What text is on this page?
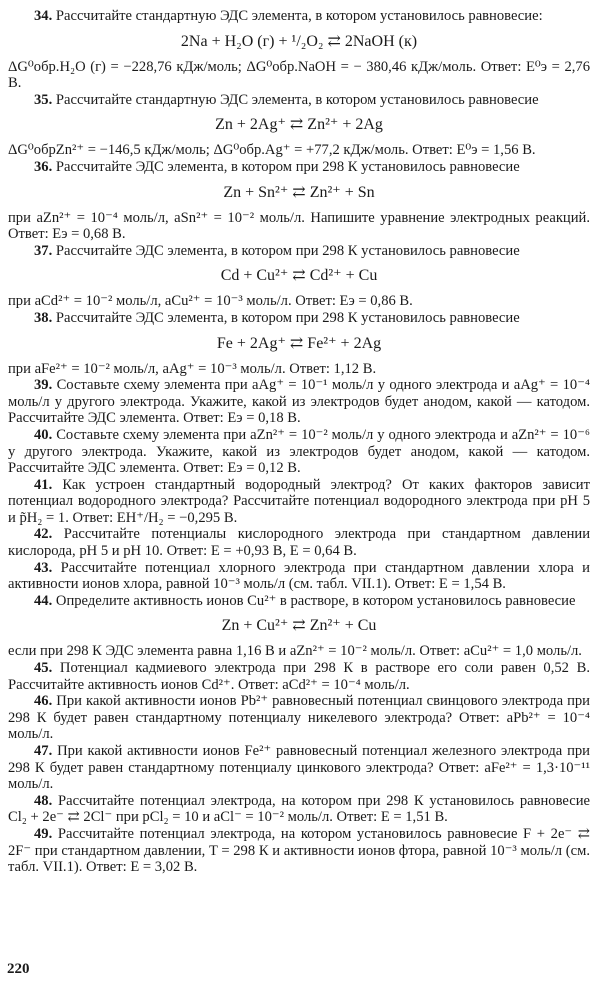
34. Рассчитайте стандартную ЭДС элемента, в котором установилось равновесие:
2Na + H₂O (г) + ¹/₂O₂ ⇄ 2NaOH (к)
ΔG⁰обр.H₂O (г) = −228,76 кДж/моль; ΔG⁰обр.NaOH = − 380,46 кДж/моль. Ответ: E⁰э = 2,76 В.
35. Рассчитайте стандартную ЭДС элемента, в котором установилось равновесие
Zn + 2Ag⁺ ⇄ Zn²⁺ + 2Ag
ΔG⁰обрZn²⁺ = −146,5 кДж/моль; ΔG⁰обр.Ag⁺ = +77,2 кДж/моль. Ответ: E⁰э = 1,56 В.
36. Рассчитайте ЭДС элемента, в котором при 298 К установилось равновесие
Zn + Sn²⁺ ⇄ Zn²⁺ + Sn
при aZn²⁺ = 10⁻⁴ моль/л, aSn²⁺ = 10⁻² моль/л. Напишите уравнение электродных реакций. Ответ: Eэ = 0,68 В.
37. Рассчитайте ЭДС элемента, в котором при 298 К установилось равновесие
Cd + Cu²⁺ ⇄ Cd²⁺ + Cu
при aCd²⁺ = 10⁻² моль/л, aCu²⁺ = 10⁻³ моль/л. Ответ: Eэ = 0,86 В.
38. Рассчитайте ЭДС элемента, в котором при 298 К установилось равновесие
Fe + 2Ag⁺ ⇄ Fe²⁺ + 2Ag
при aFe²⁺ = 10⁻² моль/л, aAg⁺ = 10⁻³ моль/л. Ответ: 1,12 В.
39. Составьте схему элемента при aAg⁺ = 10⁻¹ моль/л у одного электрода и aAg⁺ = 10⁻⁴ моль/л у другого электрода. Укажите, какой из электродов будет анодом, какой — катодом. Рассчитайте ЭДС элемента. Ответ: Eэ = 0,18 В.
40. Составьте схему элемента при aZn²⁺ = 10⁻² моль/л у одного электрода и aZn²⁺ = 10⁻⁶ у другого электрода. Укажите, какой из электродов будет анодом, какой — катодом. Рассчитайте ЭДС элемента. Ответ: Eэ = 0,12 В.
41. Как устроен стандартный водородный электрод? От каких факторов зависит потенциал водородного электрода? Рассчитайте потенциал водородного электрода при pH 5 и p̃H₂ = 1. Ответ: EH⁺/H₂ = −0,295 В.
42. Рассчитайте потенциалы кислородного электрода при стандартном давлении кислорода, pH 5 и pH 10. Ответ: E = +0,93 В, E = 0,64 В.
43. Рассчитайте потенциал хлорного электрода при стандартном давлении хлора и активности ионов хлора, равной 10⁻³ моль/л (см. табл. VII.1). Ответ: E = 1,54 В.
44. Определите активность ионов Cu²⁺ в растворе, в котором установилось равновесие
Zn + Cu²⁺ ⇄ Zn²⁺ + Cu
если при 298 К ЭДС элемента равна 1,16 В и aZn²⁺ = 10⁻² моль/л. Ответ: aCu²⁺ = 1,0 моль/л.
45. Потенциал кадмиевого электрода при 298 К в растворе его соли равен 0,52 В. Рассчитайте активность ионов Cd²⁺. Ответ: aCd²⁺ = 10⁻⁴ моль/л.
46. При какой активности ионов Pb²⁺ равновесный потенциал свинцового электрода при 298 К будет равен стандартному потенциалу никелевого электрода? Ответ: aPb²⁺ = 10⁻⁴ моль/л.
47. При какой активности ионов Fe²⁺ равновесный потенциал железного электрода при 298 К будет равен стандартному потенциалу цинкового электрода? Ответ: aFe²⁺ = 1,3·10⁻¹¹ моль/л.
48. Рассчитайте потенциал электрода, на котором при 298 К установилось равновесие Cl₂ + 2e⁻ ⇄ 2Cl⁻ при pCl₂ = 10 и aCl⁻ = 10⁻² моль/л. Ответ: E = 1,51 В.
49. Рассчитайте потенциал электрода, на котором установилось равновесие F + 2e⁻ ⇄ 2F⁻ при стандартном давлении, T = 298 К и активности ионов фтора, равной 10⁻³ моль/л (см. табл. VII.1). Ответ: E = 3,02 В.
220
